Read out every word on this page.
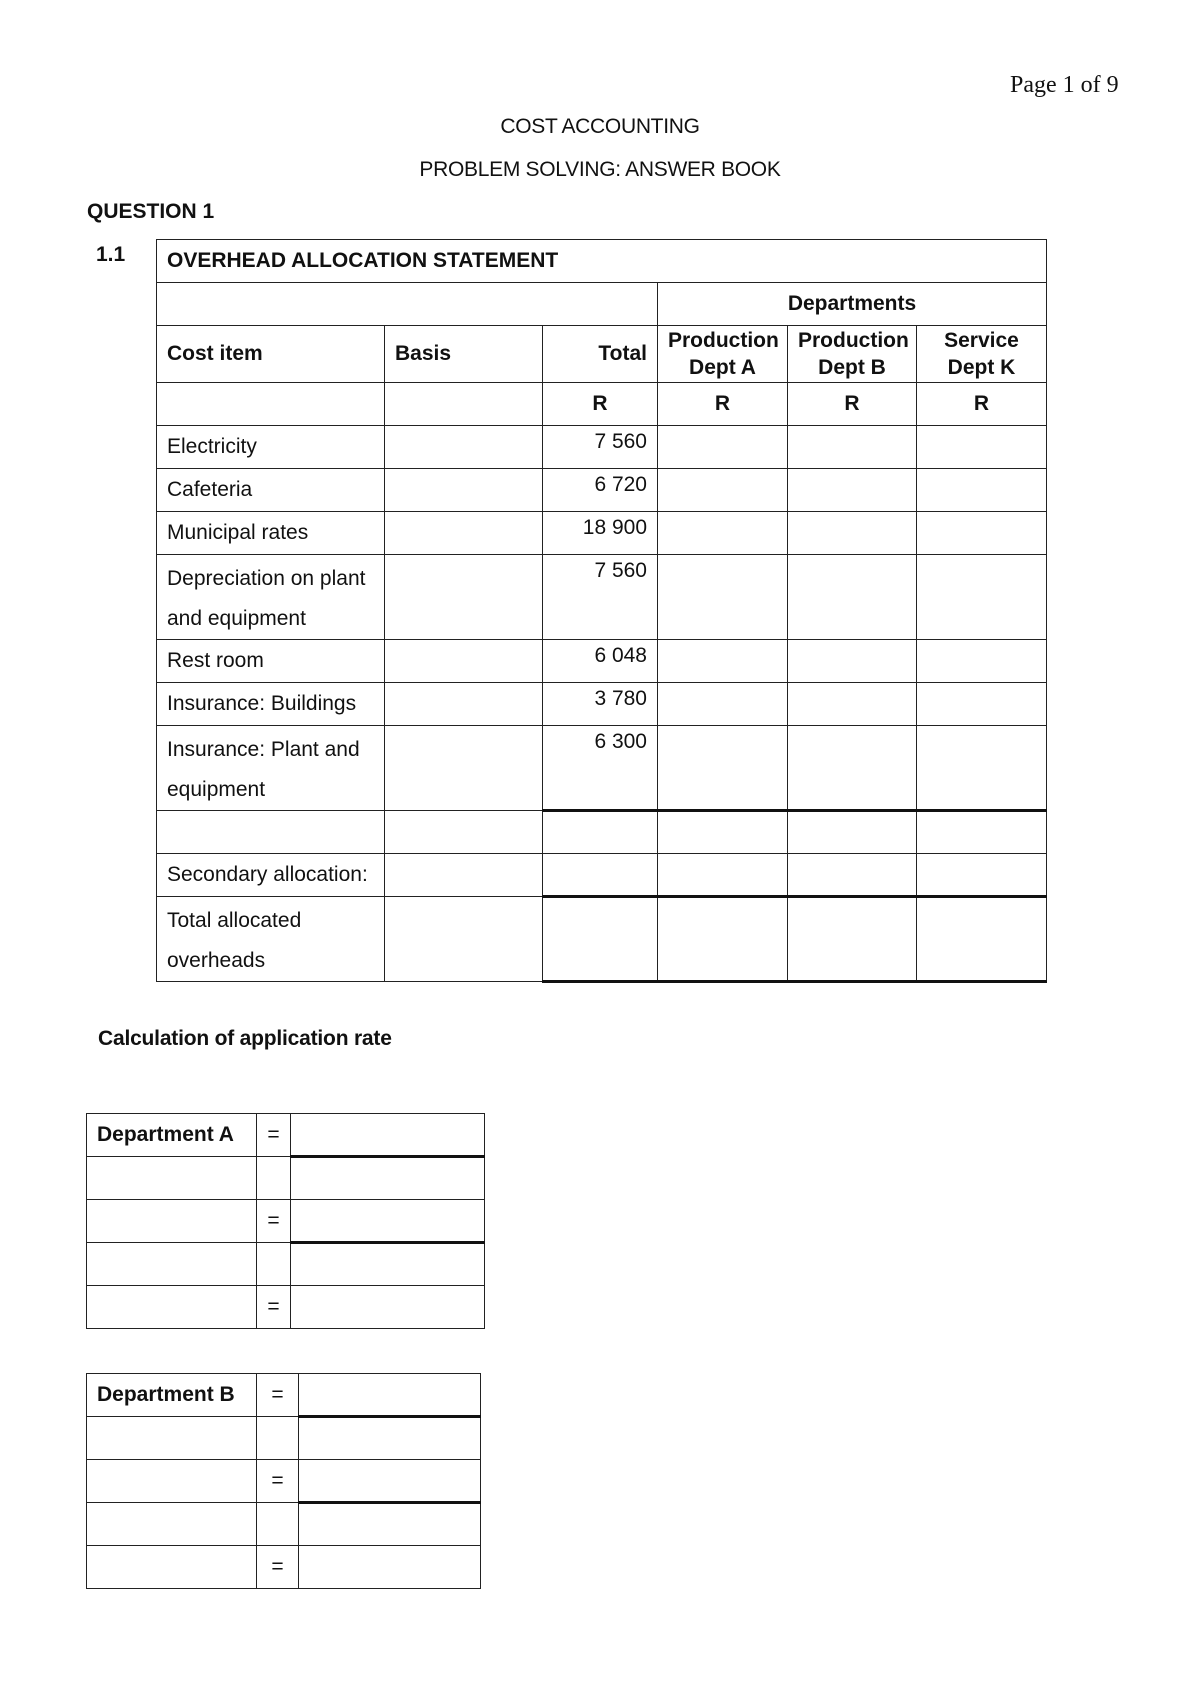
Page 1 of 9
COST ACCOUNTING
PROBLEM SOLVING: ANSWER BOOK
QUESTION 1
1.1 OVERHEAD ALLOCATION STATEMENT					
			Departments		
Cost item	Basis	Total	Production Dept A	Production Dept B	Service Dept K
		R	R	R	R
Electricity		7 560			
Cafeteria		6 720			
Municipal rates		18 900			
Depreciation on plant and equipment		7 560			
Rest room		6 048			
Insurance: Buildings		3 780			
Insurance: Plant and equipment		6 300			

Secondary allocation:					
Total allocated overheads					
Calculation of application rate
Department A	=	

	=	

	=	
Department B	=	

	=	

	=	
